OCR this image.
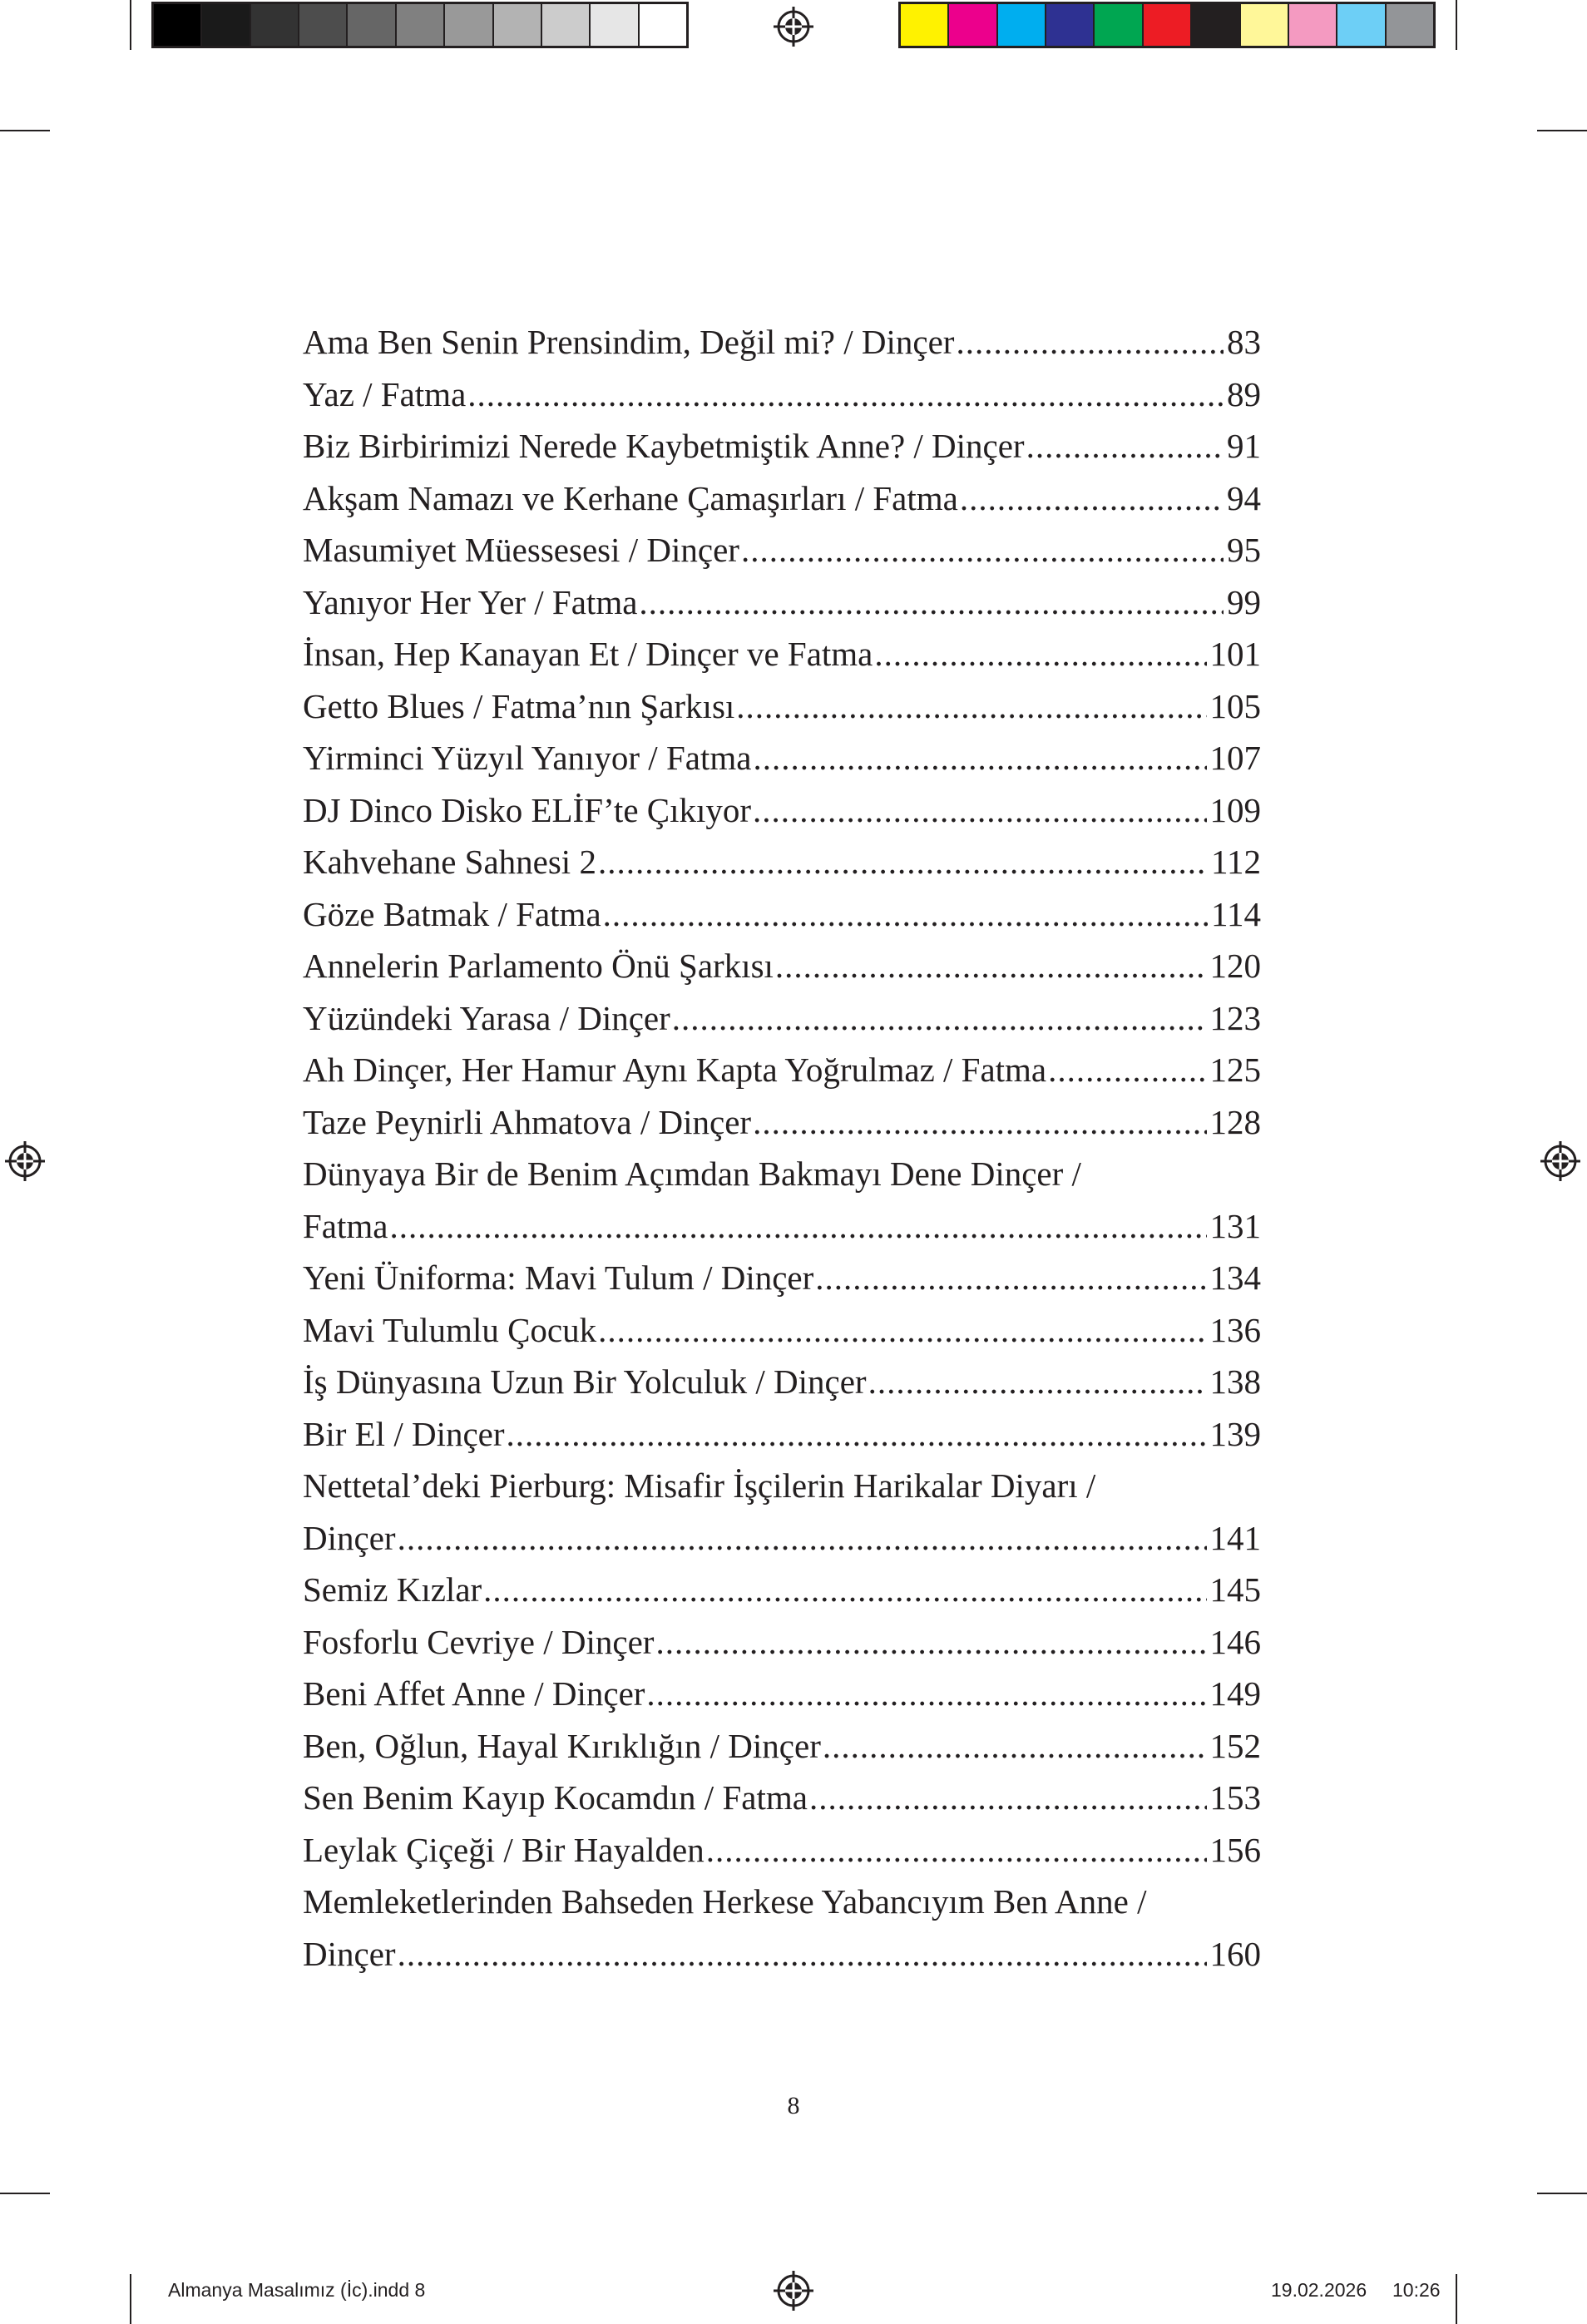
Ama Ben Senin Prensindim, Değil mi? / Dinçer .....	83
Yaz / Fatma .....	89
Biz Birbirimizi Nerede Kaybetmiştik Anne? / Dinçer .....	91
Akşam Namazı ve Kerhane Çamaşırları / Fatma .....	94
Masumiyet Müessesesi / Dinçer .....	95
Yanıyor Her Yer / Fatma .....	99
İnsan, Hep Kanayan Et / Dinçer ve Fatma .....	101
Getto Blues / Fatma’nın Şarkısı .....	105
Yirminci Yüzyıl Yanıyor / Fatma .....	107
DJ Dinco Disko ELİF’te Çıkıyor .....	109
Kahvehane Sahnesi 2 .....	112
Göze Batmak / Fatma .....	114
Annelerin Parlamento Önü Şarkısı .....	120
Yüzündeki Yarasa / Dinçer .....	123
Ah Dinçer, Her Hamur Aynı Kapta Yoğrulmaz / Fatma .....	125
Taze Peynirli Ahmatova / Dinçer .....	128
Dünyaya Bir de Benim Açımdan Bakmayı Dene Dinçer /
Fatma .....	131
Yeni Üniforma: Mavi Tulum / Dinçer .....	134
Mavi Tulumlu Çocuk .....	136
İş Dünyasına Uzun Bir Yolculuk / Dinçer .....	138
Bir El / Dinçer .....	139
Nettetal’deki Pierburg: Misafir İşçilerin Harikalar Diyarı /
Dinçer .....	141
Semiz Kızlar .....	145
Fosforlu Cevriye / Dinçer .....	146
Beni Affet Anne / Dinçer .....	149
Ben, Oğlun, Hayal Kırıklığın / Dinçer .....	152
Sen Benim Kayıp Kocamdın / Fatma .....	153
Leylak Çiçeği / Bir Hayalden .....	156
Memleketlerinden Bahseden Herkese Yabancıyım Ben Anne /
Dinçer .....	160
8
Almanya Masalımız (İc).indd 8	19.02.2026 10:26
